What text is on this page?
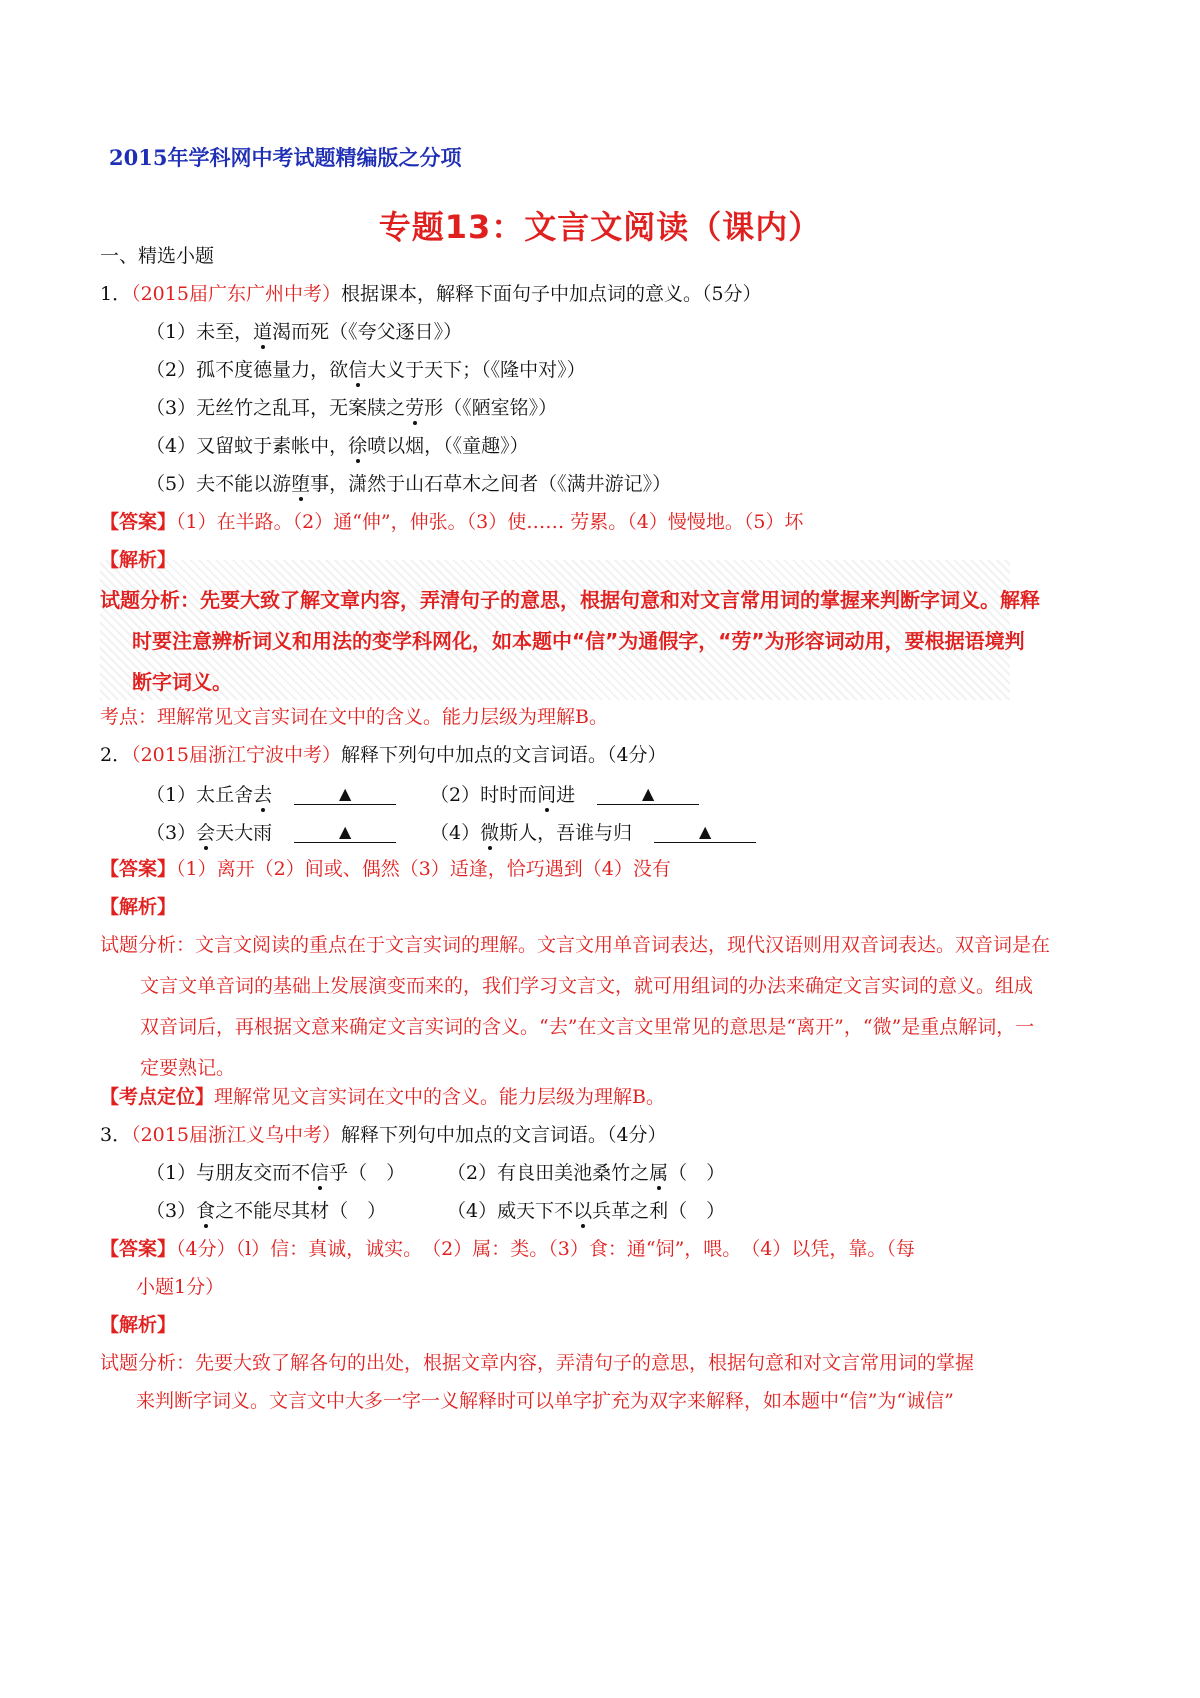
2015年学科网中考试题精编版之分项
专题13：文言文阅读（课内）
一、精选小题
1．（2015届广东广州中考）根据课本，解释下面句子中加点词的意义。（5分）
（1）未至，道渴而死（《夸父逐日》）
（2）孤不度德量力，欲信大义于天下；（《隆中对》）
（3）无丝竹之乱耳，无案牍之劳形（《陋室铭》）
（4）又留蚊于素帐中，徐喷以烟，（《童趣》）
（5）夫不能以游堕事，潇然于山石草木之间者（《满井游记》）
【答案】（1）在半路。（2）通“伸”，伸张。（3）使…… 劳累。（4）慢慢地。（5）坏
【解析】
试题分析：先要大致了解文章内容，弄清句子的意思，根据句意和对文言常用词的掌握来判断字词义。解释时要注意辨析词义和用法的变学科网化，如本题中“信”为通假字，“劳”为形容词动用，要根据语境判断字词义。
考点：理解常见文言实词在文中的含义。能力层级为理解B。
2．（2015届浙江宁波中考）解释下列句中加点的文言词语。（4分）
（1）太丘舍去	▲	（2）时时而间进	▲
（3）会天大雨	▲	（4）微斯人，吾谁与归	▲
【答案】（1）离开（2）间或、偶然（3）适逢，恰巧遇到（4）没有
【解析】
试题分析：文言文阅读的重点在于文言实词的理解。文言文用单音词表达，现代汉语则用双音词表达。双音词是在文言文单音词的基础上发展演变而来的，我们学习文言文，就可用组词的办法来确定文言实词的意义。组成双音词后，再根据文意来确定文言实词的含义。“去”在文言文里常见的意思是“离开”，“微”是重点解词，一定要熟记。
【考点定位】理解常见文言实词在文中的含义。能力层级为理解B。
3．（2015届浙江义乌中考）解释下列句中加点的文言词语。（4分）
（1）与朋友交而不信乎（　） （2）有良田美池桑竹之属（　）
（3）食之不能尽其材（　）	（4）威天下不以兵革之利（　）
【答案】（4分）（l）信：真诚，诚实。　（2）属：类。（3）食：通“饲”，喂。　（4）以凭，靠。（每
小题1分）
【解析】
试题分析：先要大致了解各句的出处，根据文章内容，弄清句子的意思，根据句意和对文言常用词的掌握
来判断字词义。文言文中大多一字一义解释时可以单字扩充为双字来解释，如本题中“信”为“诚信”
